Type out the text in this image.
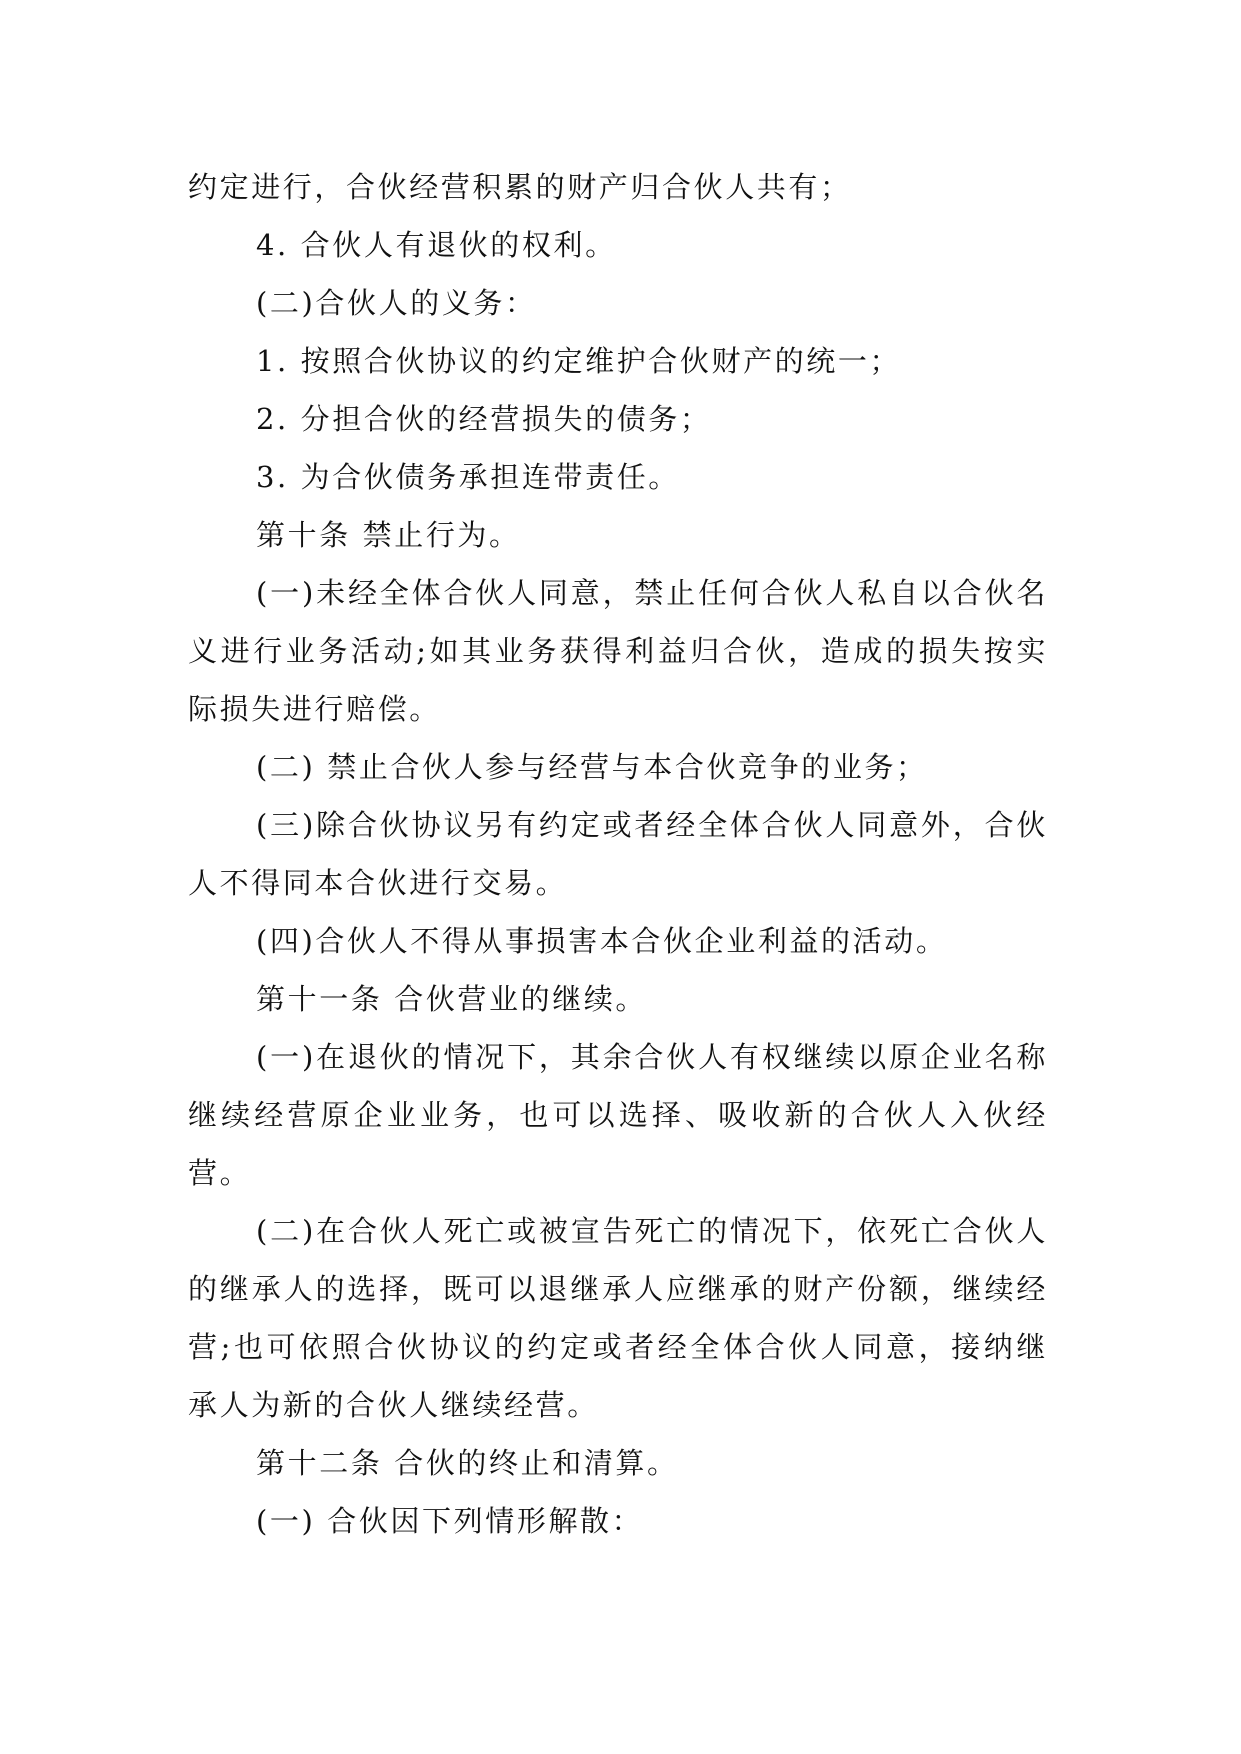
约定进行，合伙经营积累的财产归合伙人共有；

4. 合伙人有退伙的权利。

(二)合伙人的义务：

1. 按照合伙协议的约定维护合伙财产的统一；

2. 分担合伙的经营损失的债务；

3. 为合伙债务承担连带责任。

第十条 禁止行为。

(一)未经全体合伙人同意，禁止任何合伙人私自以合伙名义进行业务活动;如其业务获得利益归合伙，造成的损失按实际损失进行赔偿。

(二) 禁止合伙人参与经营与本合伙竞争的业务；

(三)除合伙协议另有约定或者经全体合伙人同意外，合伙人不得同本合伙进行交易。

(四)合伙人不得从事损害本合伙企业利益的活动。

第十一条 合伙营业的继续。

(一)在退伙的情况下，其余合伙人有权继续以原企业名称继续经营原企业业务，也可以选择、吸收新的合伙人入伙经营。

(二)在合伙人死亡或被宣告死亡的情况下，依死亡合伙人的继承人的选择，既可以退继承人应继承的财产份额，继续经营;也可依照合伙协议的约定或者经全体合伙人同意，接纳继承人为新的合伙人继续经营。

第十二条 合伙的终止和清算。

(一) 合伙因下列情形解散：
